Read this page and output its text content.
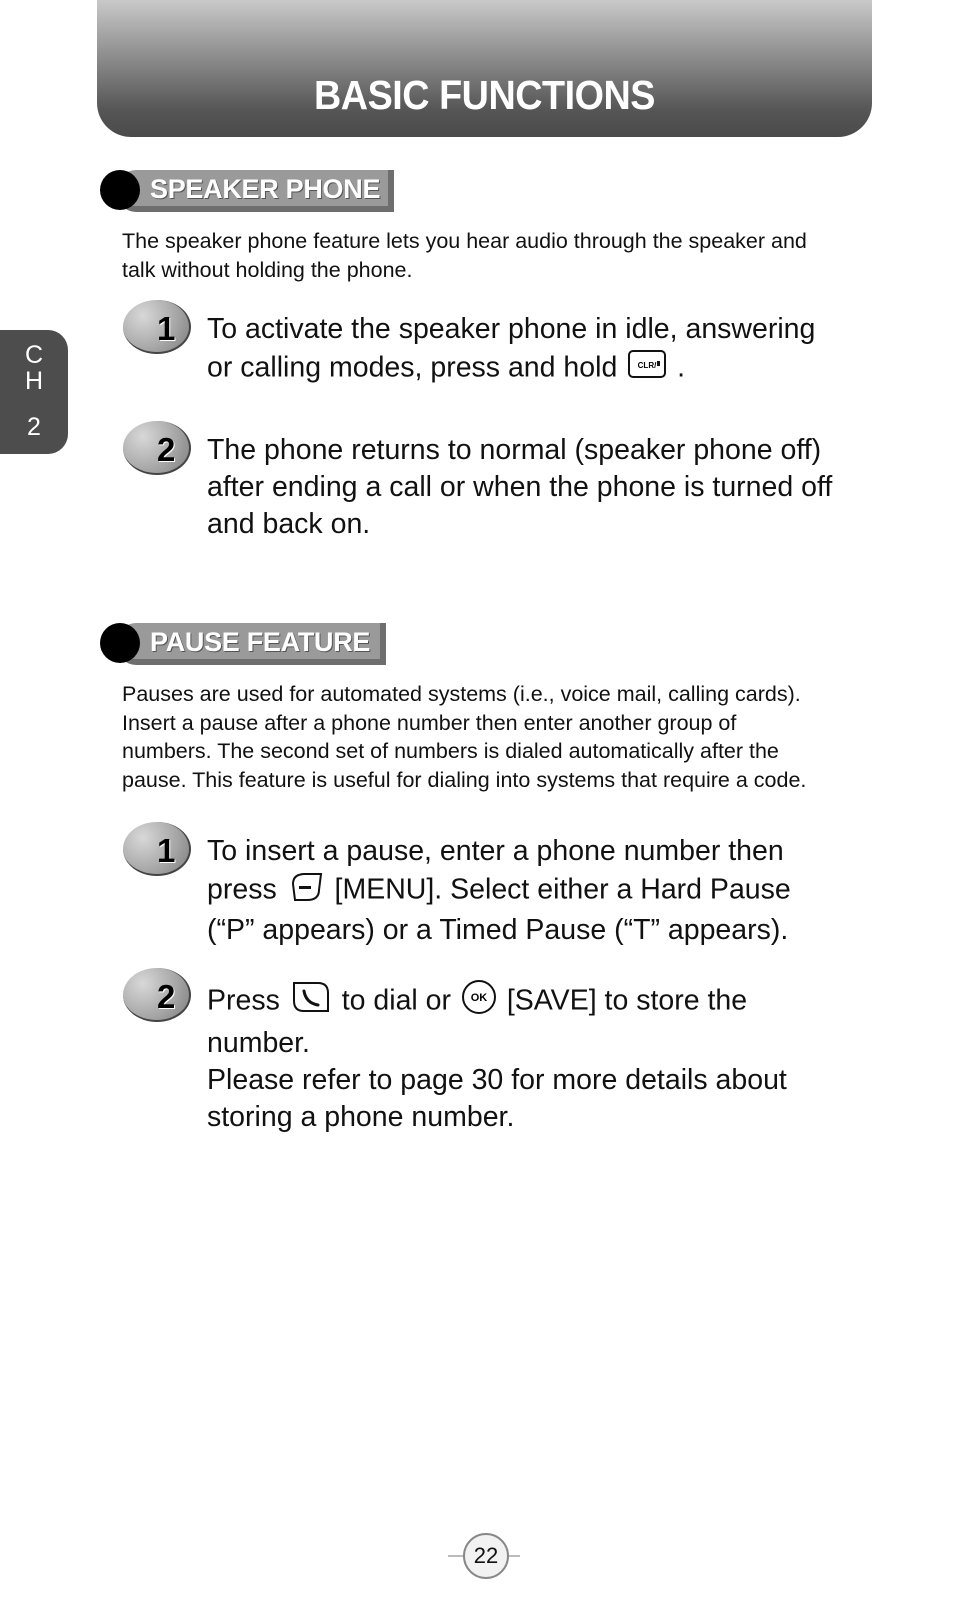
BASIC FUNCTIONS
C
H
2
SPEAKER PHONE
The speaker phone feature lets you hear audio through the speaker and
talk without holding the phone.
1 To activate the speaker phone in idle, answering
or calling modes, press and hold	CLR/ .
2 The phone returns to normal (speaker phone off)
after ending a call or when the phone is turned off
and back on.
PAUSE FEATURE
Pauses are used for automated systems (i.e., voice mail, calling cards).
Insert a pause after a phone number then enter another group of
numbers. The second set of numbers is dialed automatically after the
pause. This feature is useful for dialing into systems that require a code.
1 To insert a pause, enter a phone number then
press [MENU]. Select either a Hard Pause
(“P” appears) or a Timed Pause (“T” appears).
2 Press to dial or OK [SAVE] to store the
number.
Please refer to page 30 for more details about
storing a phone number.
22
